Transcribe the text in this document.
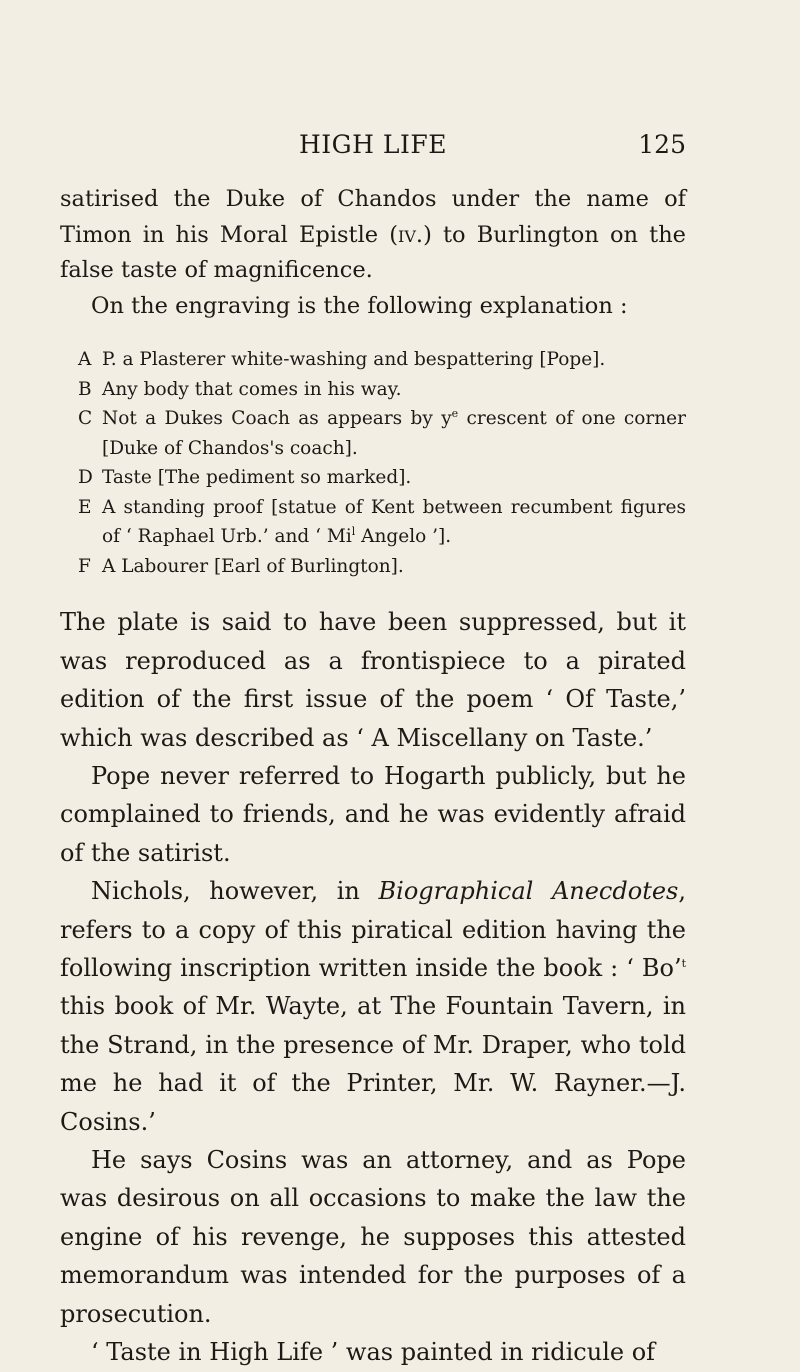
HIGH LIFE	125

satirised the Duke of Chandos under the name of Timon in his Moral Epistle (iv.) to Burlington on the false taste of magnificence.

On the engraving is the following explanation :

A P. a Plasterer white-washing and bespattering [Pope].
B Any body that comes in his way.
C Not a Dukes Coach as appears by $y^e$ crescent of one corner [Duke of Chandos's coach].
D Taste [The pediment so marked].
E A standing proof [statue of Kent between recumbent figures of ‘ Raphael Urb.’ and ‘ Mi$^l$ Angelo ’].
F A Labourer [Earl of Burlington].

The plate is said to have been suppressed, but it was reproduced as a frontispiece to a pirated edition of the first issue of the poem ‘ Of Taste,’ which was described as ‘ A Miscellany on Taste.’

Pope never referred to Hogarth publicly, but he complained to friends, and he was evidently afraid of the satirist.

Nichols, however, in Biographical Anecdotes, refers to a copy of this piratical edition having the following inscription written inside the book : ‘ Bo’$^t$ this book of Mr. Wayte, at The Fountain Tavern, in the Strand, in the presence of Mr. Draper, who told me he had it of the Printer, Mr. W. Rayner.—J. Cosins.’

He says Cosins was an attorney, and as Pope was desirous on all occasions to make the law the engine of his revenge, he supposes this attested memorandum was intended for the purposes of a prosecution.

‘ Taste in High Life ’ was painted in ridicule of
